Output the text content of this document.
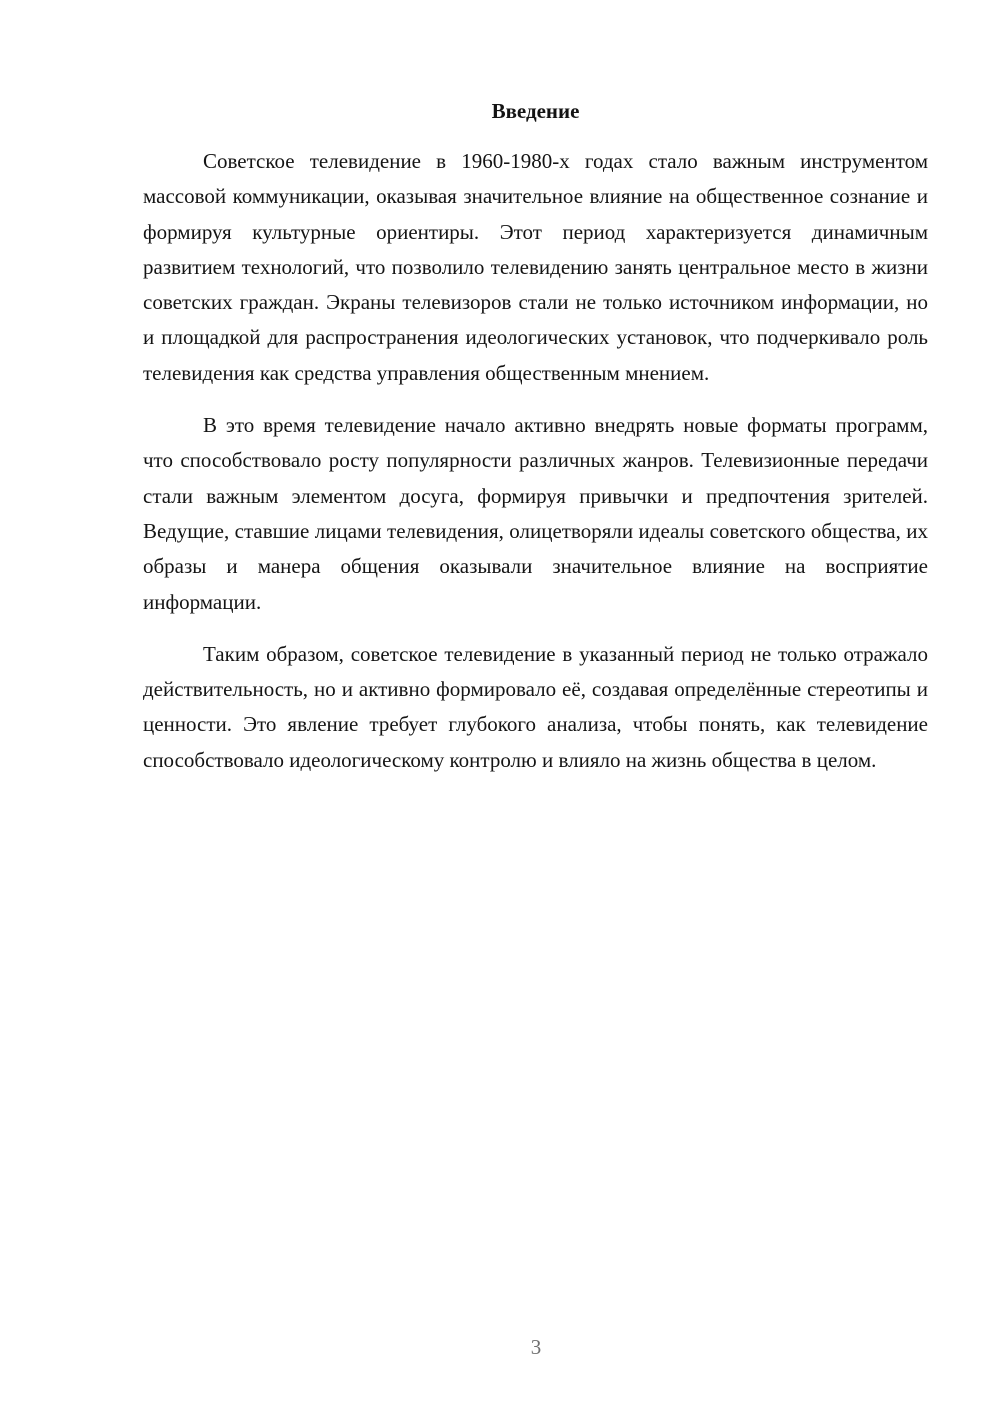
Введение

Советское телевидение в 1960-1980-х годах стало важным инструментом массовой коммуникации, оказывая значительное влияние на общественное сознание и формируя культурные ориентиры. Этот период характеризуется динамичным развитием технологий, что позволило телевидению занять центральное место в жизни советских граждан. Экраны телевизоров стали не только источником информации, но и площадкой для распространения идеологических установок, что подчеркивало роль телевидения как средства управления общественным мнением.

В это время телевидение начало активно внедрять новые форматы программ, что способствовало росту популярности различных жанров. Телевизионные передачи стали важным элементом досуга, формируя привычки и предпочтения зрителей. Ведущие, ставшие лицами телевидения, олицетворяли идеалы советского общества, их образы и манера общения оказывали значительное влияние на восприятие информации.

Таким образом, советское телевидение в указанный период не только отражало действительность, но и активно формировало её, создавая определённые стереотипы и ценности. Это явление требует глубокого анализа, чтобы понять, как телевидение способствовало идеологическому контролю и влияло на жизнь общества в целом.

3
